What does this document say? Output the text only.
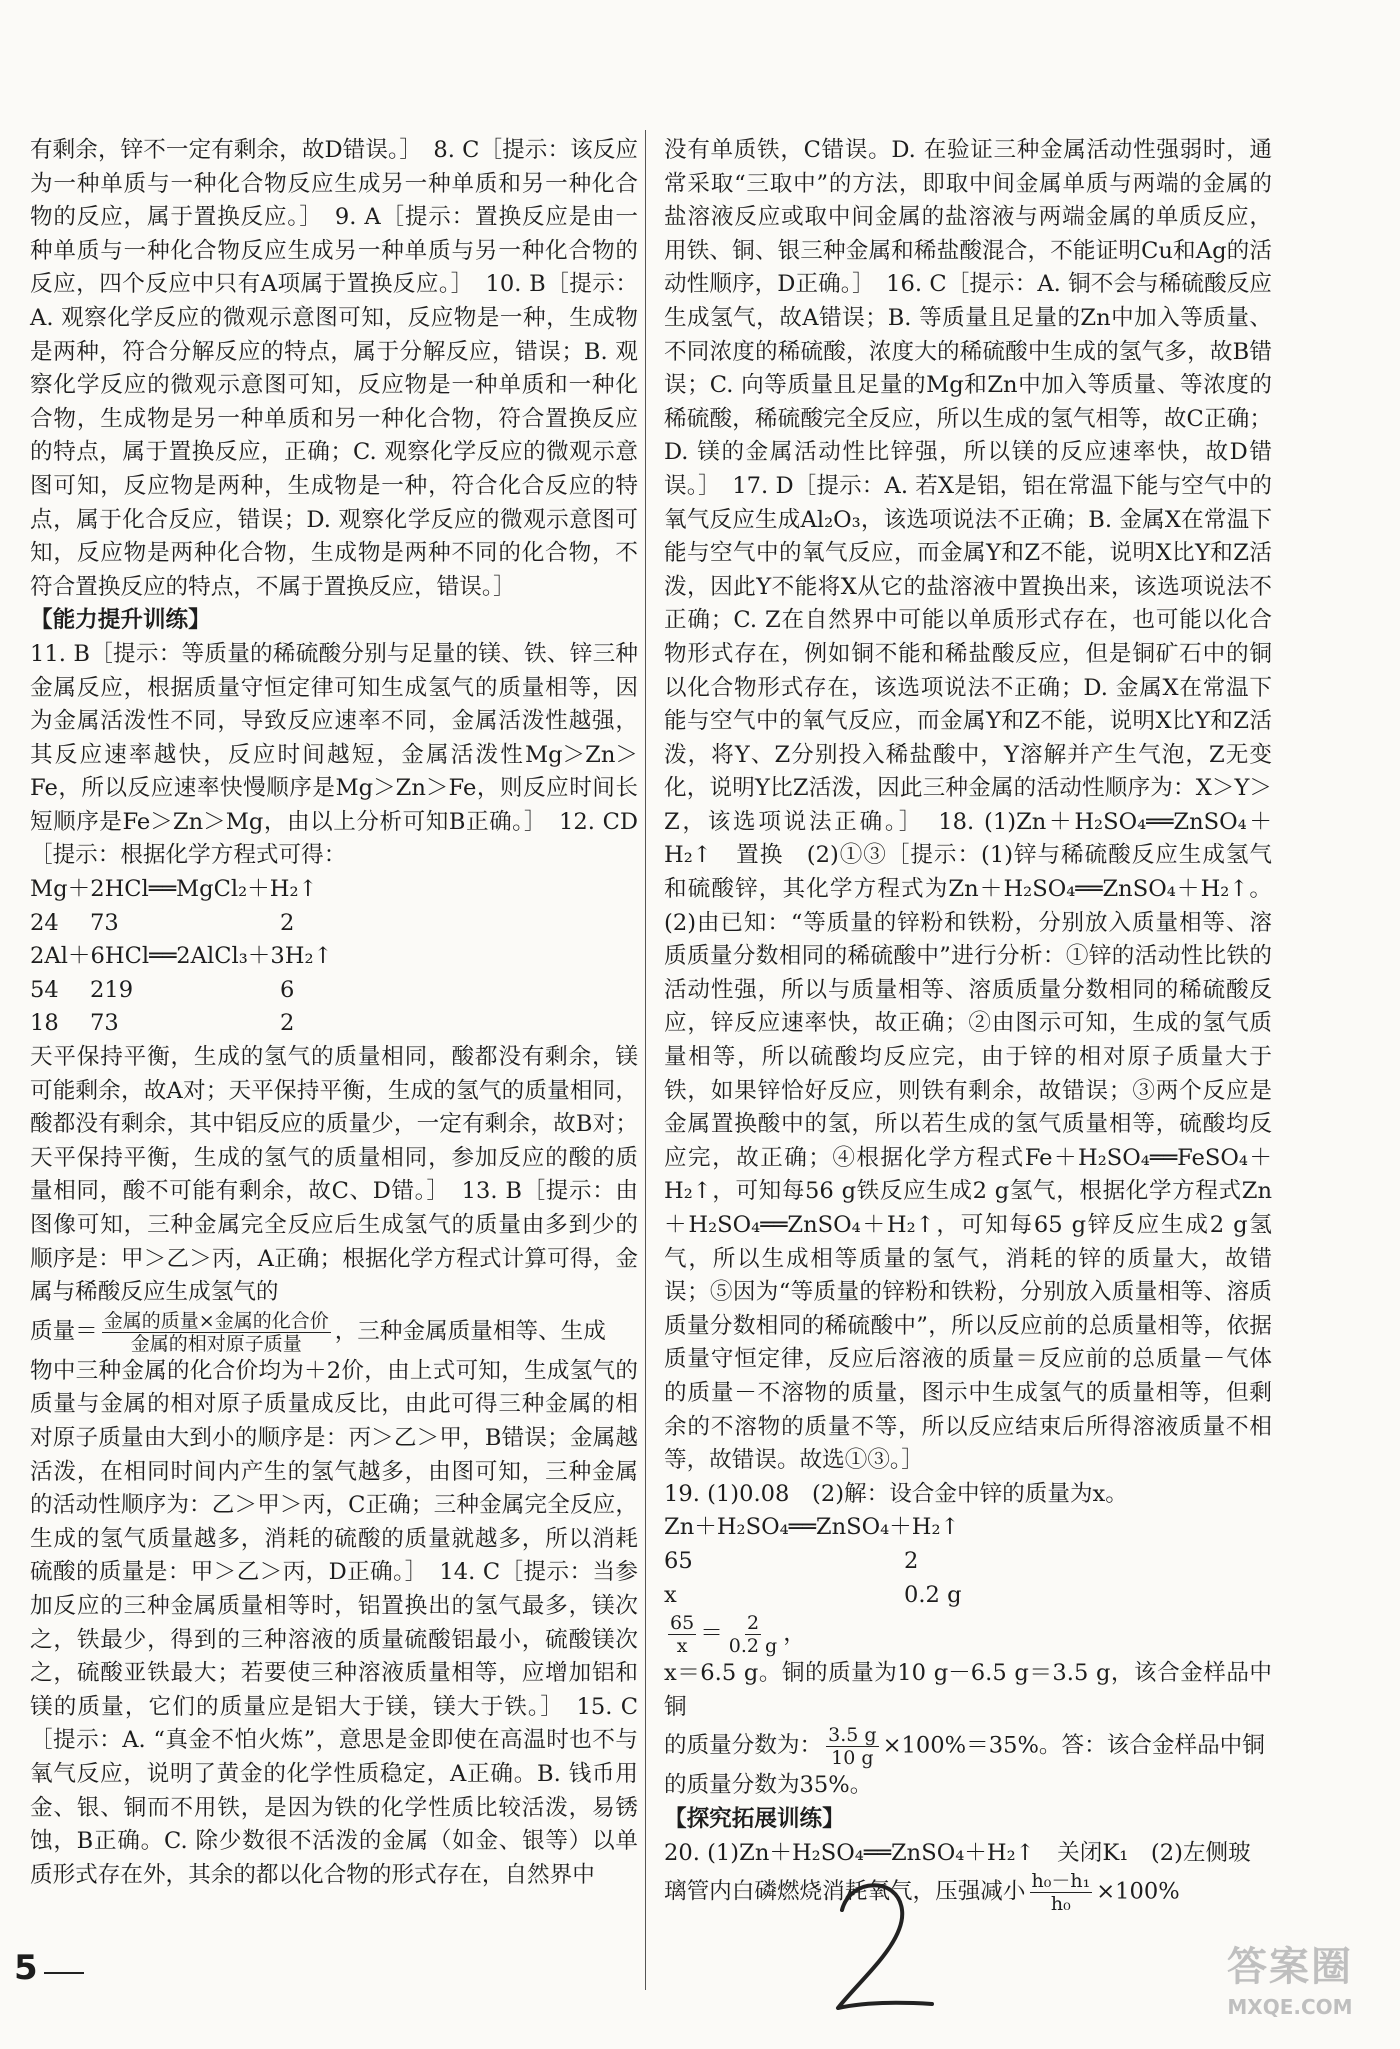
有剩余，锌不一定有剩余，故D错误。］　8. C［提示：该反应为一种单质与一种化合物反应生成另一种单质和另一种化合物的反应，属于置换反应。］　9. A［提示：置换反应是由一种单质与一种化合物反应生成另一种单质与另一种化合物的反应，四个反应中只有A项属于置换反应。］　10. B［提示：A. 观察化学反应的微观示意图可知，反应物是一种，生成物是两种，符合分解反应的特点，属于分解反应，错误；B. 观察化学反应的微观示意图可知，反应物是一种单质和一种化合物，生成物是另一种单质和另一种化合物，符合置换反应的特点，属于置换反应，正确；C. 观察化学反应的微观示意图可知，反应物是两种，生成物是一种，符合化合反应的特点，属于化合反应，错误；D. 观察化学反应的微观示意图可知，反应物是两种化合物，生成物是两种不同的化合物，不符合置换反应的特点，不属于置换反应，错误。］
【能力提升训练】
11. B［提示：等质量的稀硫酸分别与足量的镁、铁、锌三种金属反应，根据质量守恒定律可知生成氢气的质量相等，因为金属活泼性不同，导致反应速率不同，金属活泼性越强，其反应速率越快，反应时间越短，金属活泼性Mg＞Zn＞Fe，所以反应速率快慢顺序是Mg＞Zn＞Fe，则反应时间长短顺序是Fe＞Zn＞Mg，由以上分析可知B正确。］　12. CD［提示：根据化学方程式可得：
Mg＋2HCl══MgCl₂＋H₂↑
24	73	2
2Al＋6HCl══2AlCl₃＋3H₂↑
54	219	6
18	73	2
天平保持平衡，生成的氢气的质量相同，酸都没有剩余，镁可能剩余，故A对；天平保持平衡，生成的氢气的质量相同，酸都没有剩余，其中铝反应的质量少，一定有剩余，故B对；天平保持平衡，生成的氢气的质量相同，参加反应的酸的质量相同，酸不可能有剩余，故C、D错。］　13. B［提示：由图像可知，三种金属完全反应后生成氢气的质量由多到少的顺序是：甲＞乙＞丙，A正确；根据化学方程式计算可得，金属与稀酸反应生成氢气的
质量＝ $\frac{\text{金属的质量×金属的化合价}}{\text{金属的相对原子质量}}$ ，三种金属质量相等、生成
物中三种金属的化合价均为＋2价，由上式可知，生成氢气的质量与金属的相对原子质量成反比，由此可得三种金属的相对原子质量由大到小的顺序是：丙＞乙＞甲，B错误；金属越活泼，在相同时间内产生的氢气越多，由图可知，三种金属的活动性顺序为：乙＞甲＞丙，C正确；三种金属完全反应，生成的氢气质量越多，消耗的硫酸的质量就越多，所以消耗硫酸的质量是：甲＞乙＞丙，D正确。］　14. C［提示：当参加反应的三种金属质量相等时，铝置换出的氢气最多，镁次之，铁最少，得到的三种溶液的质量硫酸铝最小，硫酸镁次之，硫酸亚铁最大；若要使三种溶液质量相等，应增加铝和镁的质量，它们的质量应是铝大于镁，镁大于铁。］　15. C［提示：A. “真金不怕火炼”，意思是金即使在高温时也不与氧气反应，说明了黄金的化学性质稳定，A正确。B. 钱币用金、银、铜而不用铁，是因为铁的化学性质比较活泼，易锈蚀，B正确。C. 除少数很不活泼的金属（如金、银等）以单质形式存在外，其余的都以化合物的形式存在，自然界中
没有单质铁，C错误。D. 在验证三种金属活动性强弱时，通常采取“三取中”的方法，即取中间金属单质与两端的金属的盐溶液反应或取中间金属的盐溶液与两端金属的单质反应，用铁、铜、银三种金属和稀盐酸混合，不能证明Cu和Ag的活动性顺序，D正确。］　16. C［提示：A. 铜不会与稀硫酸反应生成氢气，故A错误；B. 等质量且足量的Zn中加入等质量、不同浓度的稀硫酸，浓度大的稀硫酸中生成的氢气多，故B错误；C. 向等质量且足量的Mg和Zn中加入等质量、等浓度的稀硫酸，稀硫酸完全反应，所以生成的氢气相等，故C正确；D. 镁的金属活动性比锌强，所以镁的反应速率快，故D错误。］　17. D［提示：A. 若X是铝，铝在常温下能与空气中的氧气反应生成Al₂O₃，该选项说法不正确；B. 金属X在常温下能与空气中的氧气反应，而金属Y和Z不能，说明X比Y和Z活泼，因此Y不能将X从它的盐溶液中置换出来，该选项说法不正确；C. Z在自然界中可能以单质形式存在，也可能以化合物形式存在，例如铜不能和稀盐酸反应，但是铜矿石中的铜以化合物形式存在，该选项说法不正确；D. 金属X在常温下能与空气中的氧气反应，而金属Y和Z不能，说明X比Y和Z活泼，将Y、Z分别投入稀盐酸中，Y溶解并产生气泡，Z无变化，说明Y比Z活泼，因此三种金属的活动性顺序为：X＞Y＞Z，该选项说法正确。］　18. (1)Zn＋H₂SO₄══ZnSO₄＋H₂↑　置换　(2)①③［提示：(1)锌与稀硫酸反应生成氢气和硫酸锌，其化学方程式为Zn＋H₂SO₄══ZnSO₄＋H₂↑。(2)由已知：“等质量的锌粉和铁粉，分别放入质量相等、溶质质量分数相同的稀硫酸中”进行分析：①锌的活动性比铁的活动性强，所以与质量相等、溶质质量分数相同的稀硫酸反应，锌反应速率快，故正确；②由图示可知，生成的氢气质量相等，所以硫酸均反应完，由于锌的相对原子质量大于铁，如果锌恰好反应，则铁有剩余，故错误；③两个反应是金属置换酸中的氢，所以若生成的氢气质量相等，硫酸均反应完，故正确；④根据化学方程式Fe＋H₂SO₄══FeSO₄＋H₂↑，可知每56 g铁反应生成2 g氢气，根据化学方程式Zn＋H₂SO₄══ZnSO₄＋H₂↑，可知每65 g锌反应生成2 g氢气，所以生成相等质量的氢气，消耗的锌的质量大，故错误；⑤因为“等质量的锌粉和铁粉，分别放入质量相等、溶质质量分数相同的稀硫酸中”，所以反应前的总质量相等，依据质量守恒定律，反应后溶液的质量＝反应前的总质量－气体的质量－不溶物的质量，图示中生成氢气的质量相等，但剩余的不溶物的质量不等，所以反应结束后所得溶液质量不相等，故错误。故选①③。］
19. (1)0.08　(2)解：设合金中锌的质量为x。
Zn＋H₂SO₄══ZnSO₄＋H₂↑
65	2
x	0.2 g
$\frac{65}{x} = \frac{2}{0.2 g}$ ，
x＝6.5 g。铜的质量为10 g－6.5 g＝3.5 g，该合金样品中铜
的质量分数为： $\frac{3.5 g}{10 g} \times 100\%=35\%$。答：该合金样品中铜
的质量分数为35%。
【探究拓展训练】
20. (1)Zn＋H₂SO₄══ZnSO₄＋H₂↑　关闭K₁　(2)左侧玻
璃管内白磷燃烧消耗氧气，压强减小 $\frac{\text{h₀－h₁}}{\text{h₀}} \times 100\%$
5	答案圈
MXQE.COM
